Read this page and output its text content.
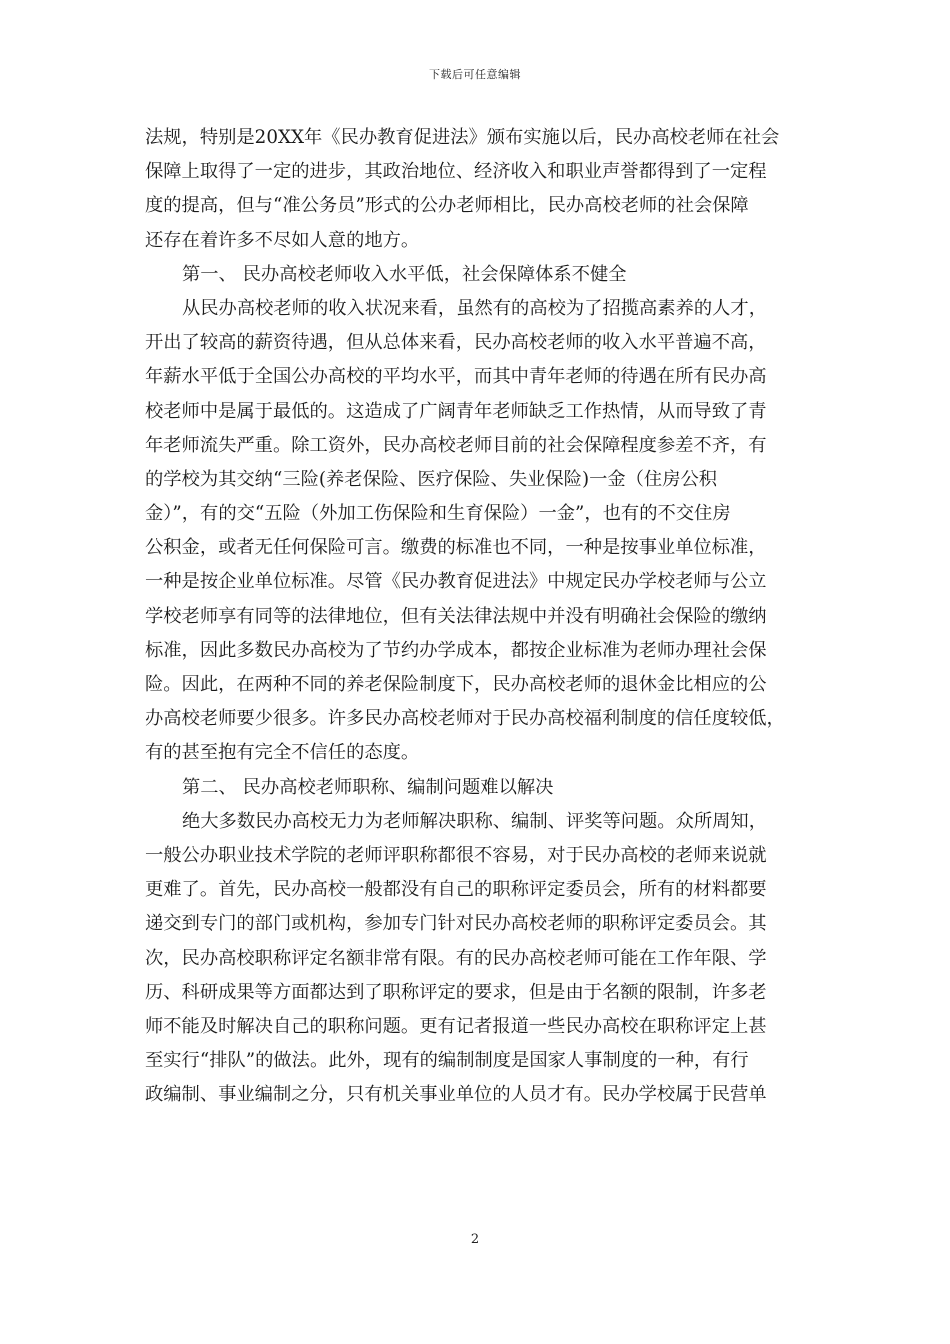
下载后可任意编辑
法规，特别是20XX年《民办教育促进法》颁布实施以后，民办高校老师在社会
保障上取得了一定的进步，其政治地位、经济收入和职业声誉都得到了一定程
度的提高，但与“准公务员”形式的公办老师相比，民办高校老师的社会保障
还存在着许多不尽如人意的地方。
第一、 民办高校老师收入水平低，社会保障体系不健全
从民办高校老师的收入状况来看，虽然有的高校为了招揽高素养的人才，
开出了较高的薪资待遇，但从总体来看，民办高校老师的收入水平普遍不高，
年薪水平低于全国公办高校的平均水平，而其中青年老师的待遇在所有民办高
校老师中是属于最低的。这造成了广阔青年老师缺乏工作热情，从而导致了青
年老师流失严重。除工资外，民办高校老师目前的社会保障程度参差不齐，有
的学校为其交纳“三险(养老保险、医疗保险、失业保险)一金（住房公积
金）”，有的交“五险（外加工伤保险和生育保险）一金”，也有的不交住房
公积金，或者无任何保险可言。缴费的标准也不同，一种是按事业单位标准，
一种是按企业单位标准。尽管《民办教育促进法》中规定民办学校老师与公立
学校老师享有同等的法律地位，但有关法律法规中并没有明确社会保险的缴纳
标准，因此多数民办高校为了节约办学成本，都按企业标准为老师办理社会保
险。因此，在两种不同的养老保险制度下，民办高校老师的退休金比相应的公
办高校老师要少很多。许多民办高校老师对于民办高校福利制度的信任度较低，
有的甚至抱有完全不信任的态度。
第二、 民办高校老师职称、编制问题难以解决
绝大多数民办高校无力为老师解决职称、编制、评奖等问题。众所周知，
一般公办职业技术学院的老师评职称都很不容易，对于民办高校的老师来说就
更难了。首先，民办高校一般都没有自己的职称评定委员会，所有的材料都要
递交到专门的部门或机构，参加专门针对民办高校老师的职称评定委员会。其
次，民办高校职称评定名额非常有限。有的民办高校老师可能在工作年限、学
历、科研成果等方面都达到了职称评定的要求，但是由于名额的限制，许多老
师不能及时解决自己的职称问题。更有记者报道一些民办高校在职称评定上甚
至实行“排队”的做法。此外，现有的编制制度是国家人事制度的一种，有行
政编制、事业编制之分，只有机关事业单位的人员才有。民办学校属于民营单
2
